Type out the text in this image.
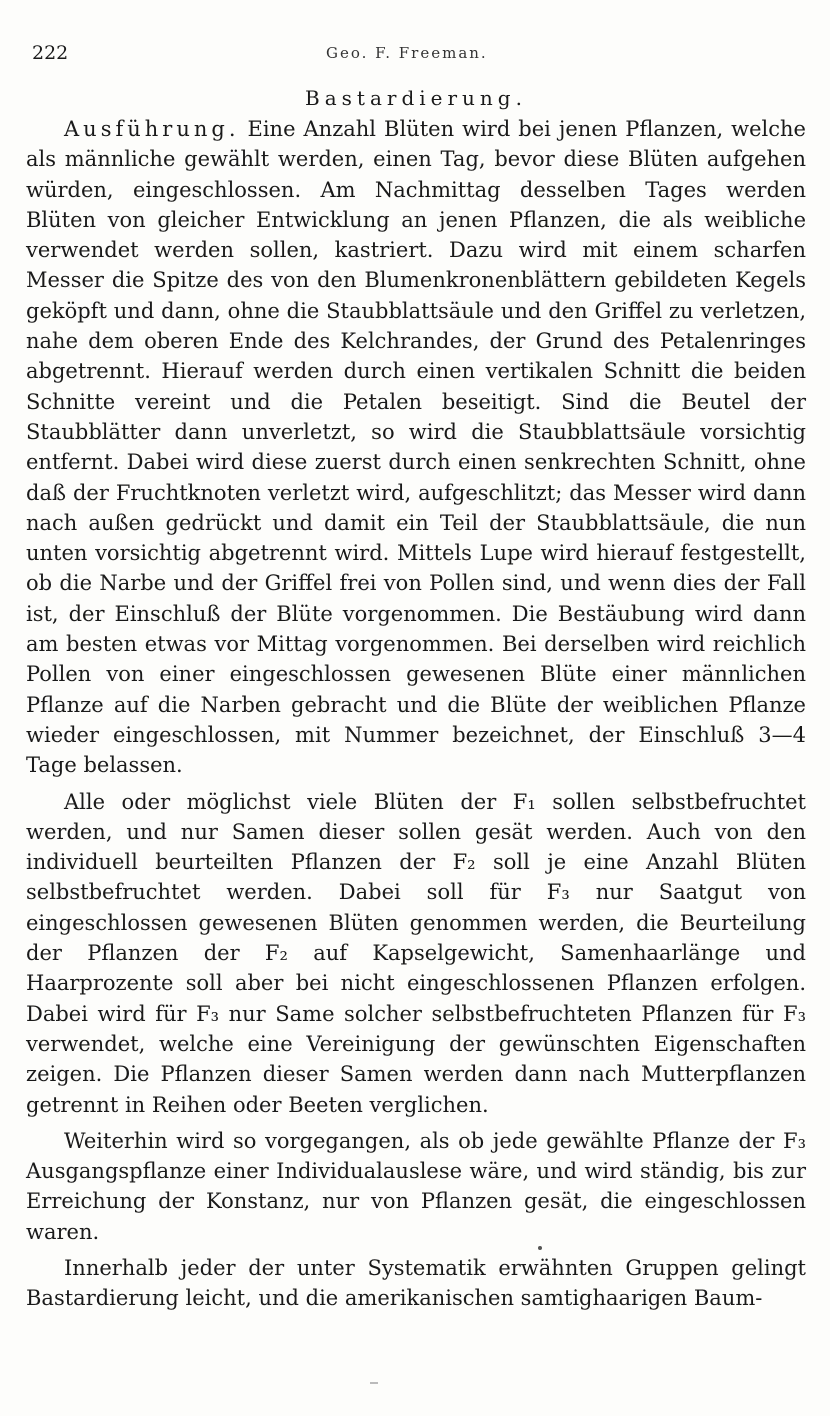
222	Geo. F. Freeman.
Bastardierung.

Ausführung. Eine Anzahl Blüten wird bei jenen Pflanzen, welche als männliche gewählt werden, einen Tag, bevor diese Blüten aufgehen würden, eingeschlossen. Am Nachmittag desselben Tages werden Blüten von gleicher Entwicklung an jenen Pflanzen, die als weibliche verwendet werden sollen, kastriert. Dazu wird mit einem scharfen Messer die Spitze des von den Blumenkronenblättern gebildeten Kegels geköpft und dann, ohne die Staubblattsäule und den Griffel zu verletzen, nahe dem oberen Ende des Kelchrandes, der Grund des Petalenringes abgetrennt. Hierauf werden durch einen vertikalen Schnitt die beiden Schnitte vereint und die Petalen beseitigt. Sind die Beutel der Staubblätter dann unverletzt, so wird die Staubblattsäule vorsichtig entfernt. Dabei wird diese zuerst durch einen senkrechten Schnitt, ohne daß der Fruchtknoten verletzt wird, aufgeschlitzt; das Messer wird dann nach außen gedrückt und damit ein Teil der Staubblattsäule, die nun unten vorsichtig abgetrennt wird. Mittels Lupe wird hierauf festgestellt, ob die Narbe und der Griffel frei von Pollen sind, und wenn dies der Fall ist, der Einschluß der Blüte vorgenommen. Die Bestäubung wird dann am besten etwas vor Mittag vorgenommen. Bei derselben wird reichlich Pollen von einer eingeschlossen gewesenen Blüte einer männlichen Pflanze auf die Narben gebracht und die Blüte der weiblichen Pflanze wieder eingeschlossen, mit Nummer bezeichnet, der Einschluß 3—4 Tage belassen.

Alle oder möglichst viele Blüten der F₁ sollen selbstbefruchtet werden, und nur Samen dieser sollen gesät werden. Auch von den individuell beurteilten Pflanzen der F₂ soll je eine Anzahl Blüten selbstbefruchtet werden. Dabei soll für F₃ nur Saatgut von eingeschlossen gewesenen Blüten genommen werden, die Beurteilung der Pflanzen der F₂ auf Kapselgewicht, Samenhaarlänge und Haarprozente soll aber bei nicht eingeschlossenen Pflanzen erfolgen. Dabei wird für F₃ nur Same solcher selbstbefruchteten Pflanzen für F₃ verwendet, welche eine Vereinigung der gewünschten Eigenschaften zeigen. Die Pflanzen dieser Samen werden dann nach Mutterpflanzen getrennt in Reihen oder Beeten verglichen.

Weiterhin wird so vorgegangen, als ob jede gewählte Pflanze der F₃ Ausgangspflanze einer Individualauslese wäre, und wird ständig, bis zur Erreichung der Konstanz, nur von Pflanzen gesät, die eingeschlossen waren.

Innerhalb jeder der unter Systematik erwähnten Gruppen gelingt Bastardierung leicht, und die amerikanischen samtighaarigen Baum-
